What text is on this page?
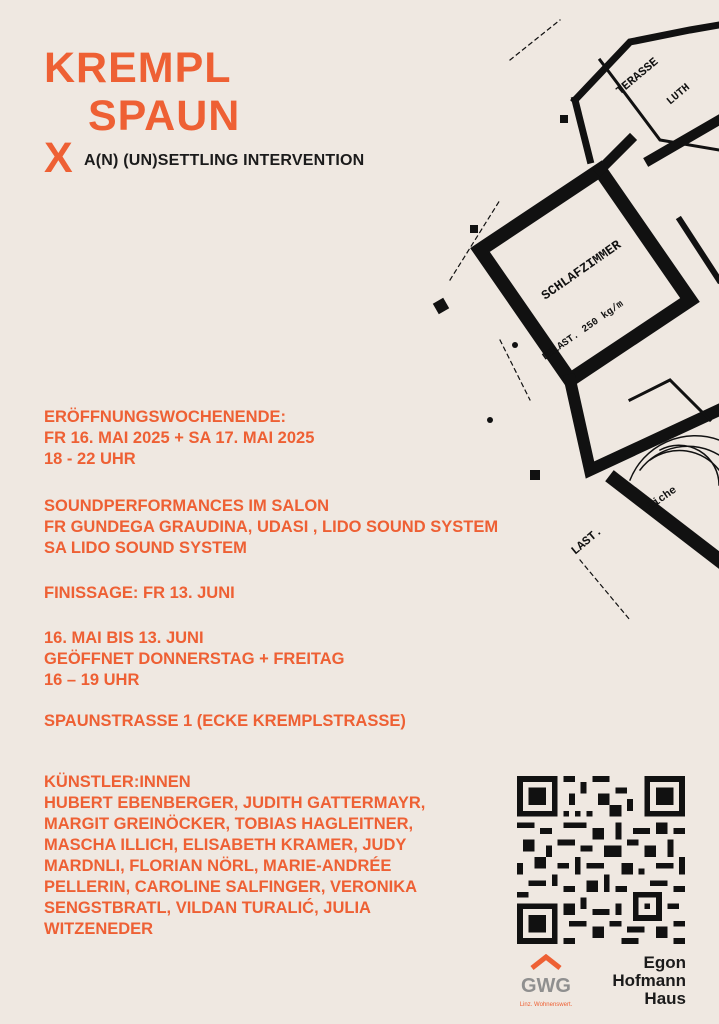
KREMPL
SPAUN
X A(N) (UN)SETTLING INTERVENTION
SCHLAFZIMMER
TERASSE
LAST.
BELAST. 250 kg/m
Eiche
LUTH
ERÖFFNUNGSWOCHENENDE:
FR 16. MAI 2025 + SA 17. MAI 2025
18 - 22 UHR
SOUNDPERFORMANCES IM SALON
FR GUNDEGA GRAUDINA, UDASI , LIDO SOUND SYSTEM
SA LIDO SOUND SYSTEM
FINISSAGE: FR 13. JUNI
16. MAI BIS 13. JUNI
GEÖFFNET DONNERSTAG + FREITAG
16 – 19 UHR
SPAUNSTRASSE 1 (ECKE KREMPLSTRASSE)
KÜNSTLER:INNEN
HUBERT EBENBERGER, JUDITH GATTERMAYR,
MARGIT GREINÖCKER, TOBIAS HAGLEITNER,
MASCHA ILLICH, ELISABETH KRAMER, JUDY
MARDNLI, FLORIAN NÖRL, MARIE-ANDRÉE
PELLERIN, CAROLINE SALFINGER, VERONIKA
SENGSTBRATL, VILDAN TURALIĆ, JULIA
WITZENEDER
GWG
Linz. Wohnenswert.
Egon
Hofmann
Haus
